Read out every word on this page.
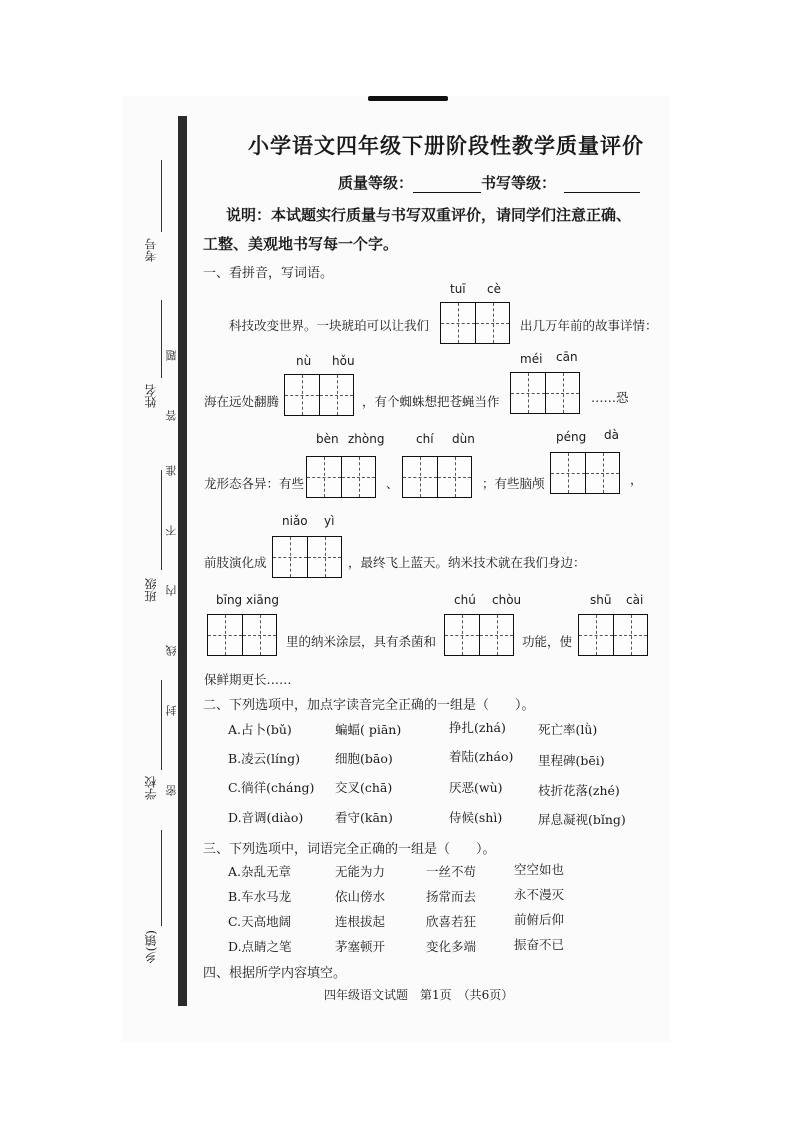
考号
姓名
班级
学校
乡(镇)
题
答
准
不
内
线
封
密
小学语文四年级下册阶段性教学质量评价
质量等级：	书写等级：
说明：本试题实行质量与书写双重评价，请同学们注意正确、
工整、美观地书写每一个字。
一、看拼音，写词语。
tuī cè
科技改变世界。一块琥珀可以让我们	出几万年前的故事详情：
nù hǒu	méi cān
海在远处翻腾	，有个蜘蛛想把苍蝇当作	……恐
bèn zhòng	chí dùn	péng dà
龙形态各异：有些	、	；有些脑颅	，
niǎo yì
前肢演化成	，最终飞上蓝天。纳米技术就在我们身边：
bīng xiāng	chú chòu	shū cài
里的纳米涂层，具有杀菌和	功能，使
保鲜期更长……
二、下列选项中，加点字读音完全正确的一组是（　　）。
A.占卜(bǔ)	蝙蝠( piān)	挣扎(zhá)	死亡率(lǜ)
B.凌云(líng)	细胞(bāo)	着陆(zháo) 里程碑(bēi)
C.徜徉(cháng) 交叉(chā)	厌恶(wù)	枝折花落(zhé)
D.音调(diào)	看守(kān)	侍候(shì)	屏息凝视(bǐng)
三、下列选项中，词语完全正确的一组是（　　）。
A.杂乱无章	无能为力	一丝不苟	空空如也
B.车水马龙	依山傍水	扬常而去	永不漫灭
C.天高地阔	连根拔起	欣喜若狂	前俯后仰
D.点睛之笔	茅塞顿开	变化多端	振奋不已
四、根据所学内容填空。
四年级语文试题　第1页　（共6页）
